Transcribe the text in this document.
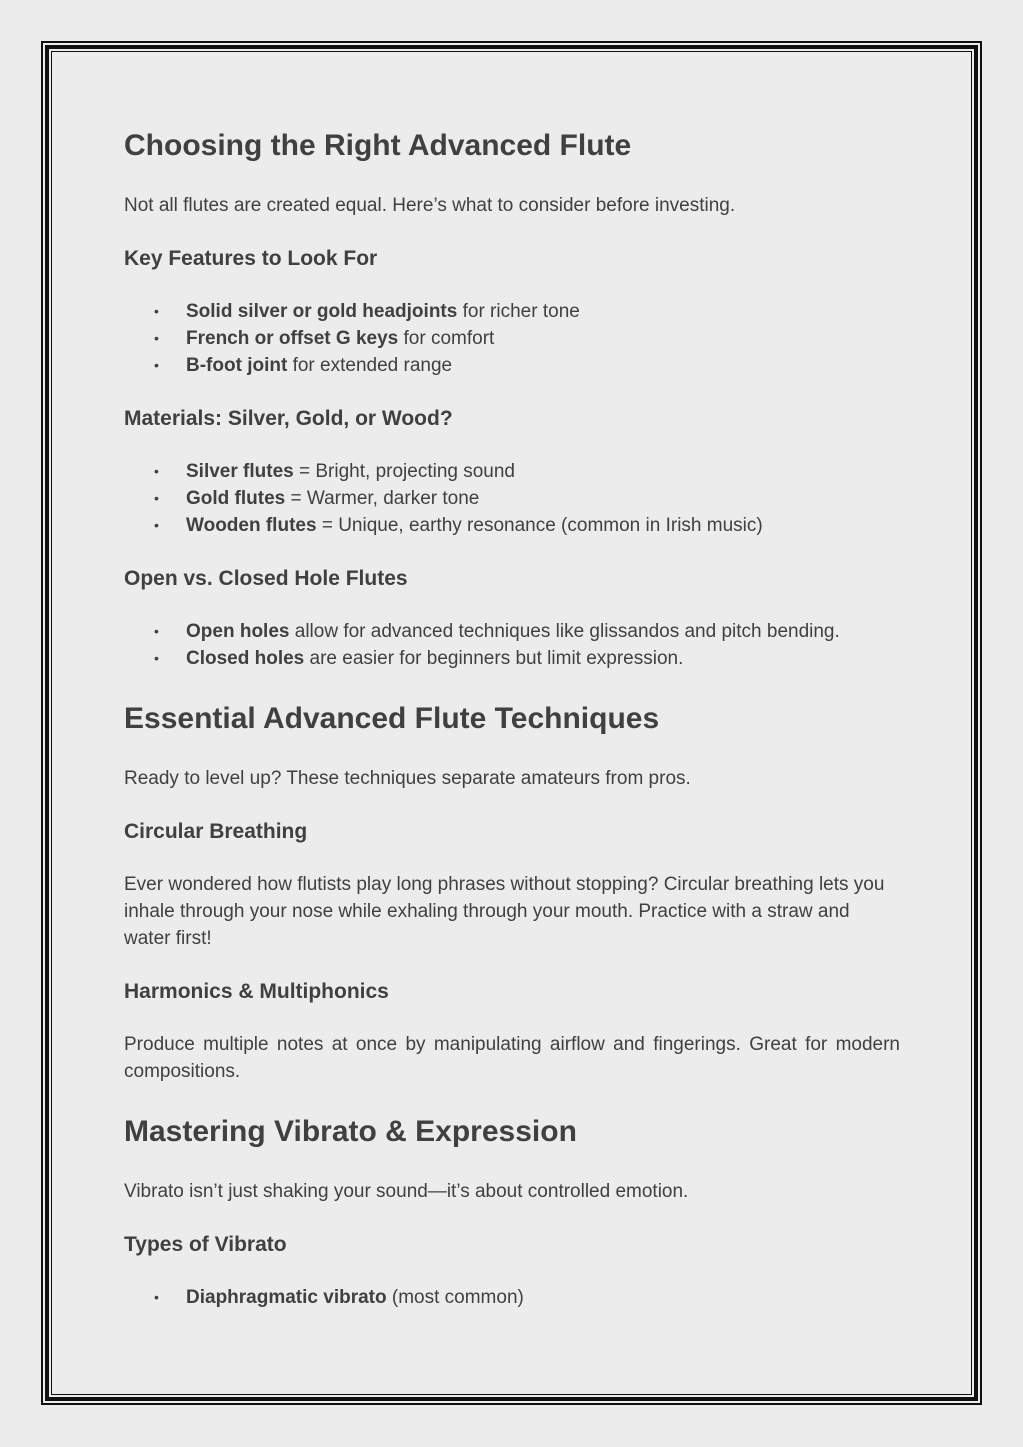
Choosing the Right Advanced Flute

Not all flutes are created equal. Here’s what to consider before investing.

Key Features to Look For
• Solid silver or gold headjoints for richer tone
• French or offset G keys for comfort
• B-foot joint for extended range
Materials: Silver, Gold, or Wood?
• Silver flutes = Bright, projecting sound
• Gold flutes = Warmer, darker tone
• Wooden flutes = Unique, earthy resonance (common in Irish music)
Open vs. Closed Hole Flutes
• Open holes allow for advanced techniques like glissandos and pitch bending.
• Closed holes are easier for beginners but limit expression.
Essential Advanced Flute Techniques

Ready to level up? These techniques separate amateurs from pros.

Circular Breathing

Ever wondered how flutists play long phrases without stopping? Circular breathing lets you inhale through your nose while exhaling through your mouth. Practice with a straw and water first!

Harmonics & Multiphonics

Produce multiple notes at once by manipulating airflow and fingerings. Great for modern compositions.

Mastering Vibrato & Expression

Vibrato isn’t just shaking your sound—it’s about controlled emotion.

Types of Vibrato
• Diaphragmatic vibrato (most common)
